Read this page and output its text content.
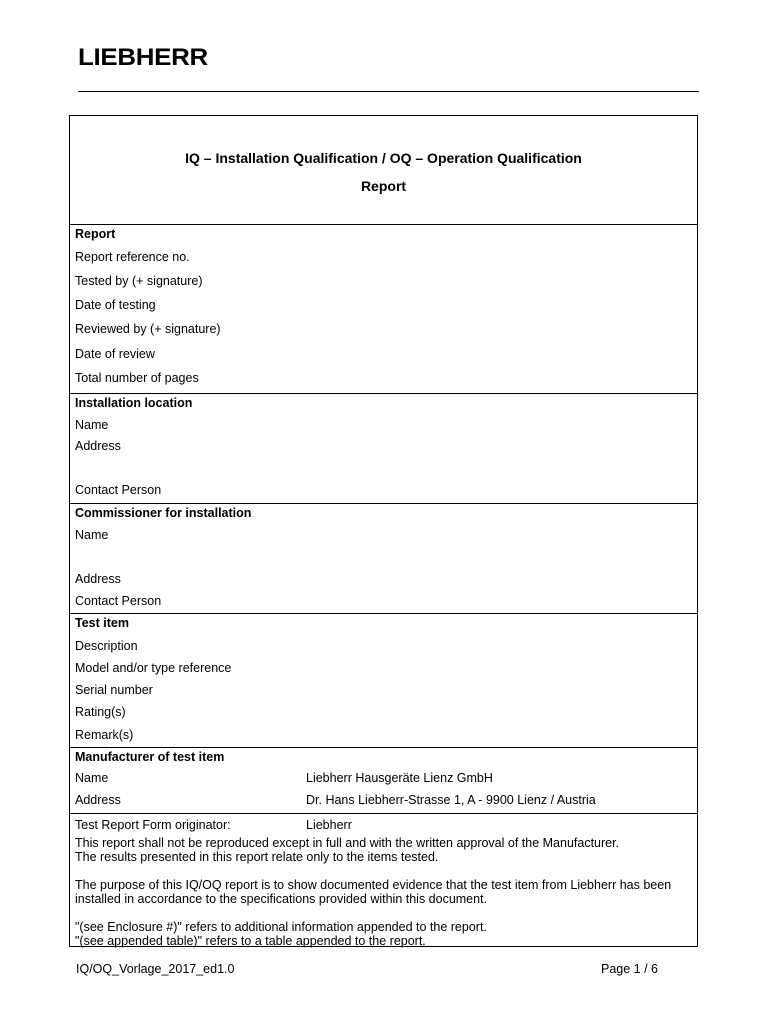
LIEBHERR
IQ – Installation Qualification / OQ – Operation Qualification
Report
Report
Report reference no.
Tested by (+ signature)
Date of testing
Reviewed by (+ signature)
Date of review
Total number of pages
Installation location
Name
Address
Contact Person
Commissioner for installation
Name
Address
Contact Person
Test item
Description
Model and/or type reference
Serial number
Rating(s)
Remark(s)
Manufacturer of test item
Name	Liebherr Hausgeräte Lienz GmbH
Address	Dr. Hans Liebherr-Strasse 1, A - 9900 Lienz / Austria
Test Report Form originator:	Liebherr
This report shall not be reproduced except in full and with the written approval of the Manufacturer.
The results presented in this report relate only to the items tested.
The purpose of this IQ/OQ report is to show documented evidence that the test item from Liebherr has been
installed in accordance to the specifications provided within this document.
"(see Enclosure #)" refers to additional information appended to the report.
"(see appended table)" refers to a table appended to the report.
IQ/OQ_Vorlage_2017_ed1.0	Page 1 / 6
